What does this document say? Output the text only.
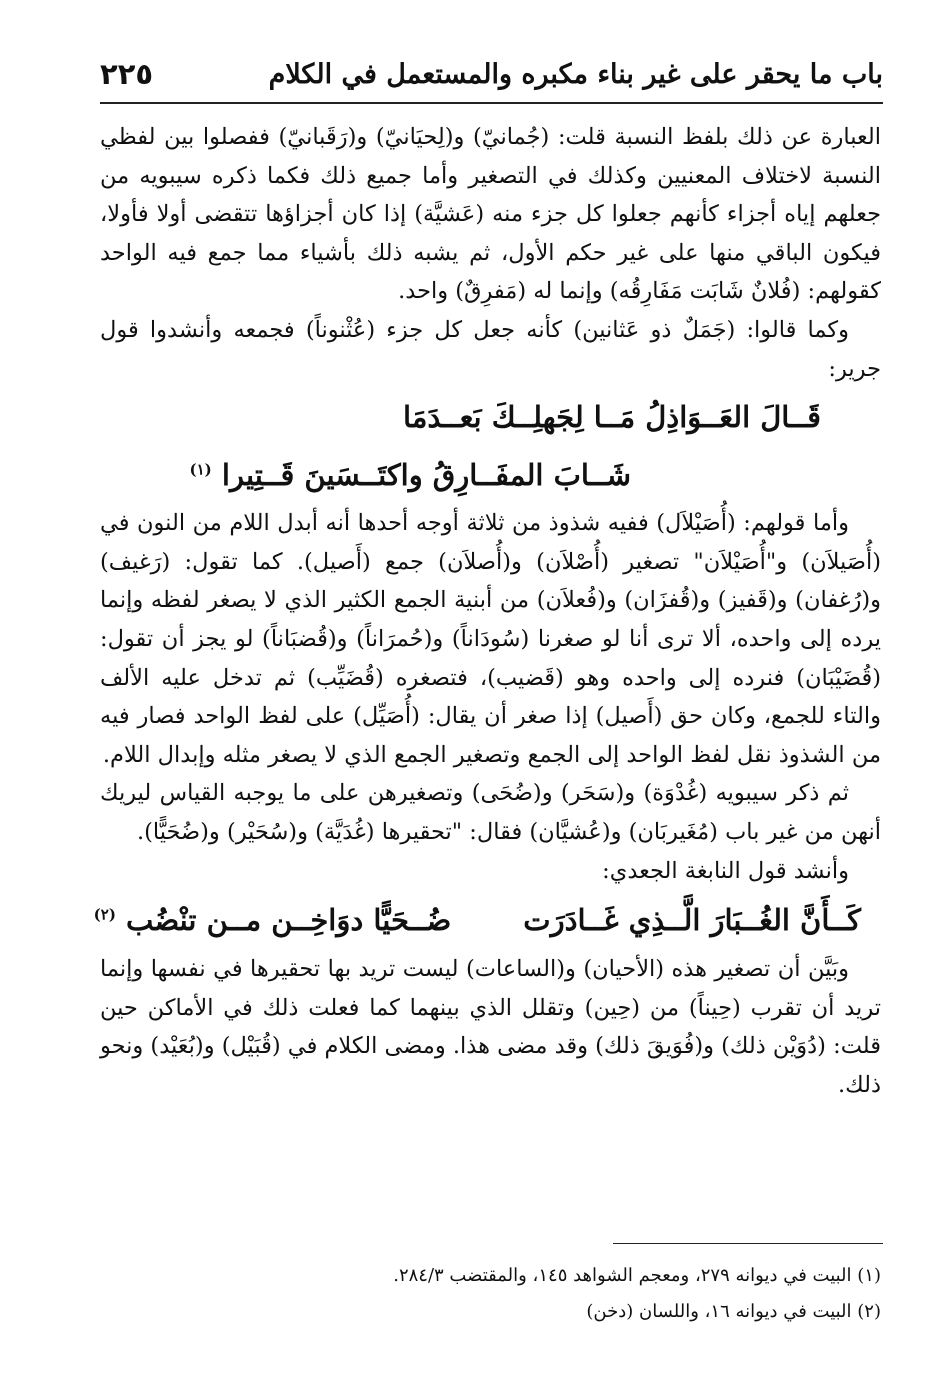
باب ما يحقر على غير بناء مكبره والمستعمل في الكلام
٢٢٥

العبارة عن ذلك بلفظ النسبة قلت: (جُمانيّ) و(لِحيَانيّ) و(رَقَبانيّ) ففصلوا بين لفظي النسبة لاختلاف المعنيين وكذلك في التصغير وأما جميع ذلك فكما ذكره سيبويه من جعلهم إياه أجزاء كأنهم جعلوا كل جزء منه (عَشيَّة) إذا كان أجزاؤها تتقضى أولا فأولا، فيكون الباقي منها على غير حكم الأول، ثم يشبه ذلك بأشياء مما جمع فيه الواحد كقولهم: (فُلانٌ شَابَت مَفَارِقُه) وإنما له (مَفرِقٌ) واحد.

وكما قالوا: (جَمَلٌ ذو عَثانين) كأنه جعل كل جزء (عُثْنوناً) فجمعه وأنشدوا قول جرير:

قَــالَ العَــوَاذِلُ مَــا لِجَهلِــكَ بَعــدَمَا
شَــابَ المفَــارِقُ واكتَــسَينَ قَــتِيرا $^{(١)}$

وأما قولهم: (أُصَيْلاَل) ففيه شذوذ من ثلاثة أوجه أحدها أنه أبدل اللام من النون في (أُصَيلاَن) و"أُصَيْلاَن" تصغير (أُصْلاَن) و(أُصلاَن) جمع (أَصيل). كما تقول: (رَغيف) و(رُغفان) و(قَفيز) و(قُفزَان) و(فُعلاَن) من أبنية الجمع الكثير الذي لا يصغر لفظه وإنما يرده إلى واحده، ألا ترى أنا لو صغرنا (سُودَاناً) و(حُمرَاناً) و(قُضبَاناً) لو يجز أن تقول: (قُضَيْبَان) فنرده إلى واحده وهو (قَضيب)، فتصغره (قُضَيِّب) ثم تدخل عليه الألف والتاء للجمع، وكان حق (أَصيل) إذا صغر أن يقال: (أُصَيِّل) على لفظ الواحد فصار فيه من الشذوذ نقل لفظ الواحد إلى الجمع وتصغير الجمع الذي لا يصغر مثله وإبدال اللام.

ثم ذكر سيبويه (غُدْوَة) و(سَحَر) و(ضُحَى) وتصغيرهن على ما يوجبه القياس ليريك أنهن من غير باب (مُغَيربَان) و(عُشيَّان) فقال: "تحقيرها (غُدَيَّة) و(سُحَيْر) و(ضُحَيًّا).

وأنشد قول النابغة الجعدي:

كَــأَنَّ الغُــبَارَ الَّــذِي غَــادَرَت
ضُــحَيًّا دوَاخِــن مــن تنْضُب $^{(٢)}$

وبَيَّن أن تصغير هذه (الأحيان) و(الساعات) ليست تريد بها تحقيرها في نفسها وإنما تريد أن تقرب (حِيناً) من (حِين) وتقلل الذي بينهما كما فعلت ذلك في الأماكن حين قلت: (دُوَيْن ذلك) و(فُوَيقَ ذلك) وقد مضى هذا. ومضى الكلام في (قُبَيْل) و(بُعَيْد) ونحو ذلك.

(١) البيت في ديوانه ٢٧٩، ومعجم الشواهد ١٤٥، والمقتضب ٢٨٤/٣.

(٢) البيت في ديوانه ١٦، واللسان (دخن)
